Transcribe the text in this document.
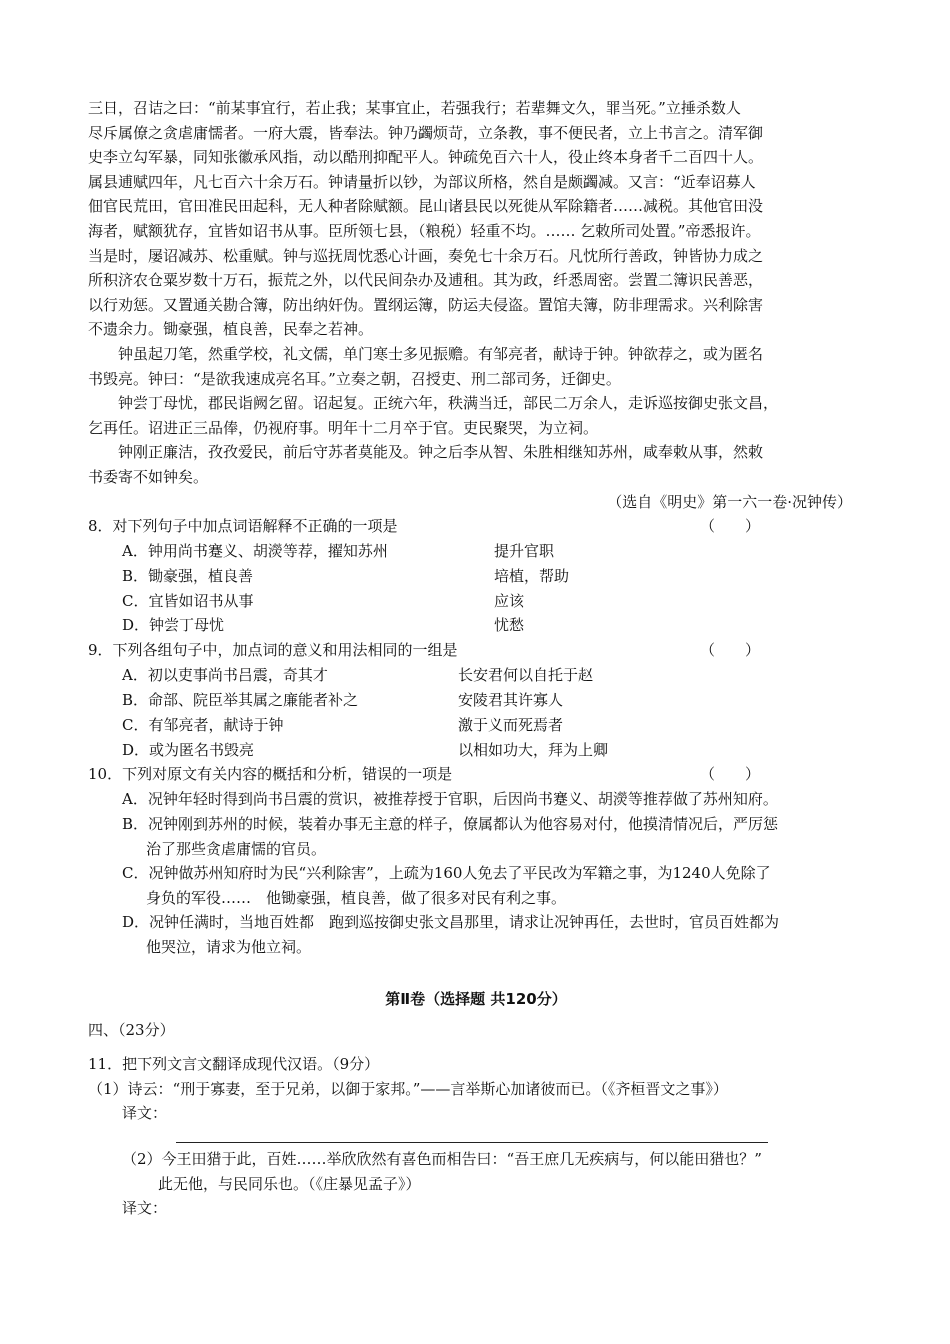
三日，召诘之曰：“前某事宜行，若止我；某事宜止，若强我行；若辈舞文久，罪当死。”立捶杀数人
尽斥属僚之贪虐庸懦者。一府大震，皆奉法。钟乃蠲烦苛，立条教，事不便民者，立上书言之。清军御
史李立勾军暴，同知张徽承风指，动以酷刑抑配平人。钟疏免百六十人，役止终本身者千二百四十人。
属县逋赋四年，凡七百六十余万石。钟请量折以钞，为部议所格，然自是颇蠲减。又言：“近奉诏募人
佃官民荒田，官田准民田起科，无人种者除赋额。昆山诸县民以死徙从军除籍者……减税。其他官田没
海者，赋额犹存，宜皆如诏书从事。臣所领七县，（粮税）轻重不均。…… 乞敕所司处置。”帝悉报许。
当是时，屡诏减苏、松重赋。钟与巡抚周忱悉心计画，奏免七十余万石。凡忱所行善政，钟皆协力成之
所积济农仓粟岁数十万石，振荒之外，以代民间杂办及逋租。其为政，纤悉周密。尝置二簿识民善恶，
以行劝惩。又置通关勘合簿，防出纳奸伪。置纲运簿，防运夫侵盗。置馆夫簿，防非理需求。兴利除害
不遗余力。锄豪强，植良善，民奉之若神。
钟虽起刀笔，然重学校，礼文儒，单门寒士多见振赡。有邹亮者，献诗于钟。钟欲荐之，或为匿名
书毁亮。钟曰：“是欲我速成亮名耳。”立奏之朝，召授吏、刑二部司务，迁御史。
钟尝丁母忧，郡民诣阙乞留。诏起复。正统六年，秩满当迁，部民二万余人，走诉巡按御史张文昌，
乞再任。诏进正三品俸，仍视府事。明年十二月卒于官。吏民聚哭，为立祠。
钟刚正廉洁，孜孜爱民，前后守苏者莫能及。钟之后李从智、朱胜相继知苏州，咸奉敕从事，然敕
书委寄不如钟矣。
（选自《明史》第一六一卷·况钟传）
8．对下列句子中加点词语解释不正确的一项是	（　　）
A．钟用尚书蹇义、胡濙等荐，擢知苏州	提升官职
B．锄豪强，植良善	培植，帮助
C．宜皆如诏书从事	应该
D．钟尝丁母忧	忧愁
9．下列各组句子中，加点词的意义和用法相同的一组是	（　　）
A．初以吏事尚书吕震，奇其才	长安君何以自托于赵
B．命部、院臣举其属之廉能者补之	安陵君其许寡人
C．有邹亮者，献诗于钟	激于义而死焉者
D．或为匿名书毁亮	以相如功大，拜为上卿
10．下列对原文有关内容的概括和分析，错误的一项是	（　　）
A．况钟年轻时得到尚书吕震的赏识，被推荐授于官职，后因尚书蹇义、胡濙等推荐做了苏州知府。
B．况钟刚到苏州的时候，装着办事无主意的样子，僚属都认为他容易对付，他摸清情况后，严厉惩
治了那些贪虐庸懦的官员。
C．况钟做苏州知府时为民“兴利除害”，上疏为160人免去了平民改为军籍之事，为1240人免除了
身负的军役……　他锄豪强，植良善，做了很多对民有利之事。
D．况钟任满时，当地百姓都　跑到巡按御史张文昌那里，请求让况钟再任，去世时，官员百姓都为
他哭泣，请求为他立祠。
第Ⅱ卷（选择题 共120分）
四、（23分）
11．把下列文言文翻译成现代汉语。（9分）
（1）诗云：“刑于寡妻，至于兄弟，以御于家邦。”——言举斯心加诸彼而已。（《齐桓晋文之事》）
译文：
（2）今王田猎于此，百姓……举欣欣然有喜色而相告曰：“吾王庶几无疾病与，何以能田猎也？”
此无他，与民同乐也。（《庄暴见孟子》）
译文：
